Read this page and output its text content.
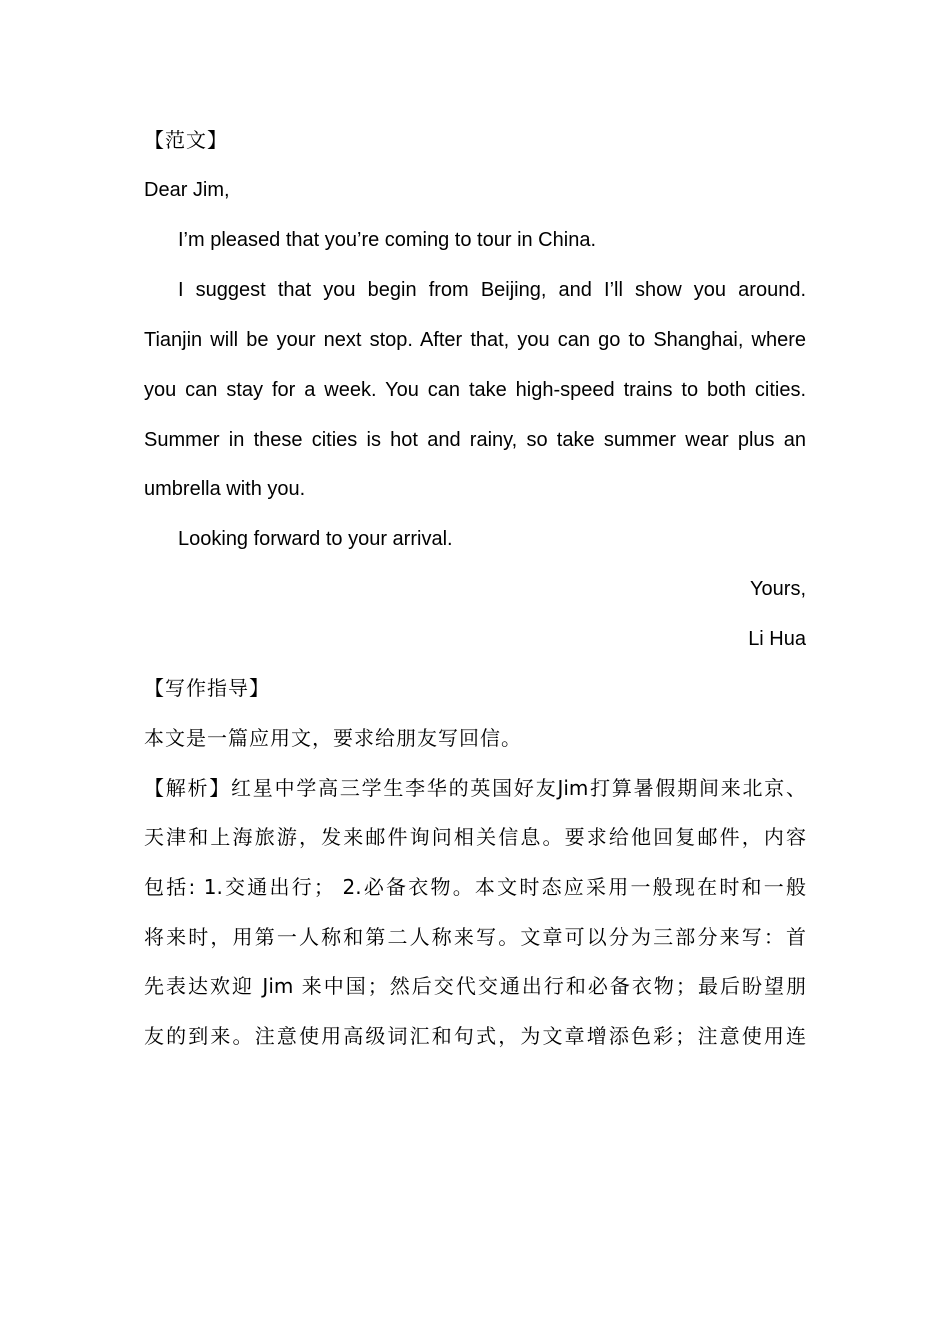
【范文】
Dear Jim,
I’m pleased that you’re coming to tour in China.
I suggest that you begin from Beijing, and I’ll show you around.
Tianjin will be your next stop. After that, you can go to Shanghai, where
you can stay for a week. You can take high-speed trains to both cities.
Summer in these cities is hot and rainy, so take summer wear plus an
umbrella with you.
Looking forward to your arrival.
Yours,
Li Hua
【写作指导】
本文是一篇应用文，要求给朋友写回信。
【解析】红星中学高三学生李华的英国好友Jim打算暑假期间来北京、
天津和上海旅游，发来邮件询问相关信息。要求给他回复邮件，内容
包括: 1.交通出行； 2.必备衣物。本文时态应采用一般现在时和一般
将来时，用第一人称和第二人称来写。文章可以分为三部分来写：首
先表达欢迎 Jim 来中国；然后交代交通出行和必备衣物；最后盼望朋
友的到来。注意使用高级词汇和句式，为文章增添色彩；注意使用连
